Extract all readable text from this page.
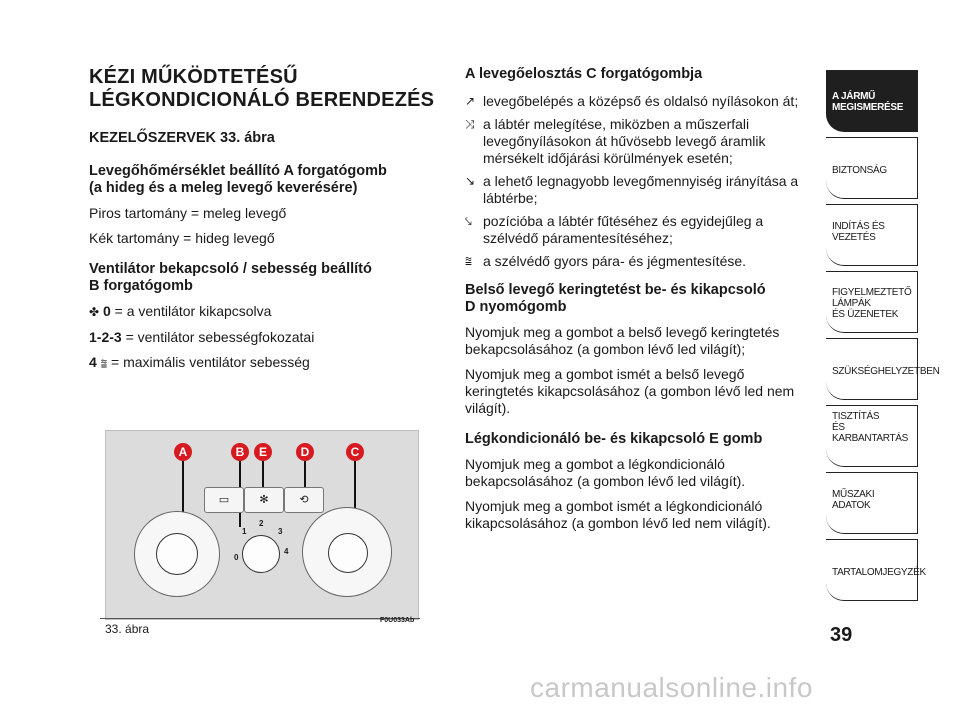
KÉZI MŰKÖDTETÉSŰ
LÉGKONDICIONÁLÓ BERENDEZÉS
KEZELŐSZERVEK 33. ábra
Levegőhőmérséklet beállító A forgatógomb
(a hideg és a meleg levegő keverésére)

Piros tartomány = meleg levegő

Kék tartomány = hideg levegő

Ventilátor bekapcsoló / sebesség beállító
B forgatógomb

✤ 0 = a ventilátor kikapcsolva

1-2-3 = ventilátor sebességfokozatai

4 ⩰ = maximális ventilátor sebesség

A levegőelosztás C forgatógombja
↗ levegőbelépés a középső és oldalsó nyílásokon át;
⤨ a lábtér melegítése, miközben a műszerfali levegőnyílásokon át hűvösebb levegő áramlik mérsékelt időjárási körülmények esetén;
↘ a lehető legnagyobb levegőmennyiség irányítása a lábtérbe;
⤥ pozícióba a lábtér fűtéséhez és egyidejűleg a szélvédő páramentesítéséhez;
⩰ a szélvédő gyors pára- és jégmentesítése.
Belső levegő keringtetést be- és kikapcsoló
D nyomógomb

Nyomjuk meg a gombot a belső levegő keringtetés bekapcsolásához (a gombon lévő led világít);

Nyomjuk meg a gombot ismét a belső levegő keringtetés kikapcsolásához (a gombon lévő led nem világít).

Légkondicionáló be- és kikapcsoló E gomb

Nyomjuk meg a gombot a légkondicionáló bekapcsolásához (a gombon lévő led világít).

Nyomjuk meg a gombot ismét a légkondicionáló kikapcsolásához (a gombon lévő led nem világít).

A	B	E	D	C
▭	✻	⟲
0
1
2
3
4
33. ábra
F0U033Ab
A JÁRMŰ
MEGISMERÉSE
BIZTONSÁG
INDÍTÁS ÉS VEZETÉS
FIGYELMEZTETŐ
LÁMPÁK
ÉS ÜZENETEK
SZÜKSÉGHELYZETBEN
TISZTÍTÁS
ÉS KARBANTARTÁS
MŰSZAKI ADATOK
TARTALOMJEGYZÉK
39
carmanualsonline.info
